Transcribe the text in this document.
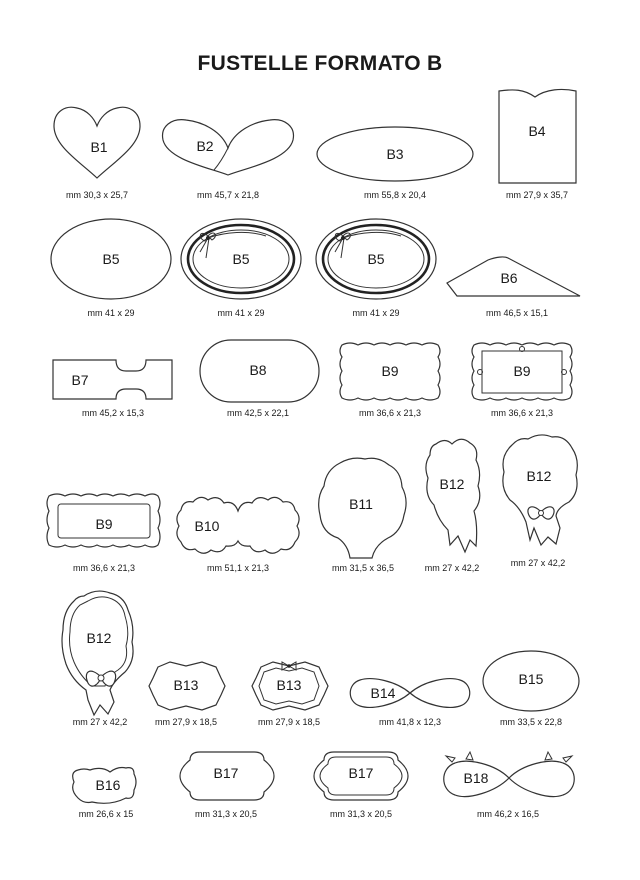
FUSTELLE FORMATO B
B1
mm 30,3 x 25,7
B2
mm 45,7 x 21,8
B3
mm 55,8 x 20,4
B4
mm 27,9 x 35,7
B5
mm 41 x 29
B5
mm 41 x 29
B5
mm 41 x 29
B6
mm 46,5 x 15,1
B7
mm 45,2 x 15,3
B8
mm 42,5 x 22,1
B9
mm 36,6 x 21,3
B9
mm 36,6 x 21,3
B9
mm 36,6 x 21,3
B10
mm 51,1 x 21,3
B11
mm 31,5 x 36,5
B12
mm 27 x 42,2
B12
mm 27 x 42,2
B12
mm 27 x 42,2
B13
mm 27,9 x 18,5
B13
mm 27,9 x 18,5
B14
mm 41,8 x 12,3
B15
mm 33,5 x 22,8
B16
mm 26,6 x 15
B17
mm 31,3 x 20,5
B17
mm 31,3 x 20,5
B18
mm 46,2 x 16,5
